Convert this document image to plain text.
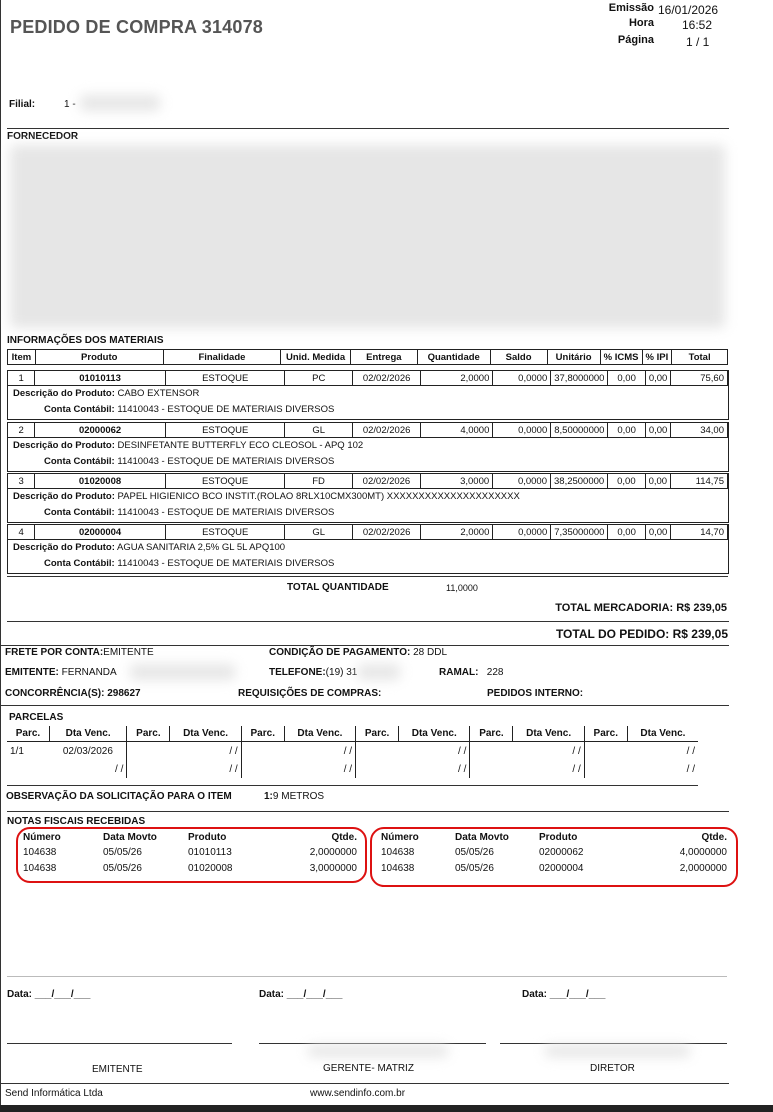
PEDIDO DE COMPRA 314078
Emissão 16/01/2026
Hora 16:52
Página	1 / 1
Filial:	1 -
FORNECEDOR
INFORMAÇÕES DOS MATERIAIS
Item	Produto	Finalidade	Unid. Medida	Entrega	Quantidade	Saldo	Unitário	% ICMS	% IPI	Total
1	01010113	ESTOQUE	PC	02/02/2026	2,0000	0,0000	37,8000000	0,00	0,00	75,60
Descrição do Produto: CABO EXTENSOR
Conta Contábil: 11410043 - ESTOQUE DE MATERIAIS DIVERSOS
2	02000062	ESTOQUE	GL	02/02/2026	4,0000	0,0000	8,50000000	0,00	0,00	34,00
Descrição do Produto: DESINFETANTE BUTTERFLY ECO CLEOSOL - APQ 102
Conta Contábil: 11410043 - ESTOQUE DE MATERIAIS DIVERSOS
3	01020008	ESTOQUE	FD	02/02/2026	3,0000	0,0000	38,2500000	0,00	0,00	114,75
Descrição do Produto: PAPEL HIGIENICO BCO INSTIT.(ROLAO 8RLX10CMX300MT) XXXXXXXXXXXXXXXXXXXXX
Conta Contábil: 11410043 - ESTOQUE DE MATERIAIS DIVERSOS
4	02000004	ESTOQUE	GL	02/02/2026	2,0000	0,0000	7,35000000	0,00	0,00	14,70
Descrição do Produto: AGUA SANITARIA 2,5% GL 5L APQ100
Conta Contábil: 11410043 - ESTOQUE DE MATERIAIS DIVERSOS
TOTAL QUANTIDADE	11,0000
TOTAL MERCADORIA: R$ 239,05
TOTAL DO PEDIDO: R$ 239,05
FRETE POR CONTA:EMITENTE	CONDIÇÃO DE PAGAMENTO: 28 DDL
EMITENTE: FERNANDA	TELEFONE:(19) 31	RAMAL: 228
CONCORRÊNCIA(S): 298627	REQUISIÇÕES DE COMPRAS:	PEDIDOS INTERNO:
PARCELAS
Parc.	Dta Venc.	Parc.	Dta Venc.	Parc.	Dta Venc.	Parc.	Dta Venc.	Parc.	Dta Venc.	Parc.	Dta Venc.
1/1	02/03/2026		/ /		/ /		/ /		/ /		/ /
	/ /		/ /		/ /		/ /		/ /		/ /
OBSERVAÇÃO DA SOLICITAÇÃO PARA O ITEM	1:9 METROS
NOTAS FISCAIS RECEBIDAS
Número	Data Movto	Produto	Qtde.
104638	05/05/26	01010113	2,0000000
104638	05/05/26	01020008	3,0000000
Número	Data Movto	Produto	Qtde.
104638	05/05/26	02000062	4,0000000
104638	05/05/26	02000004	2,0000000
Data: ___/___/___	Data: ___/___/___	Data: ___/___/___
EMITENTE	GERENTE- MATRIZ	DIRETOR
Send Informática Ltda	www.sendinfo.com.br
